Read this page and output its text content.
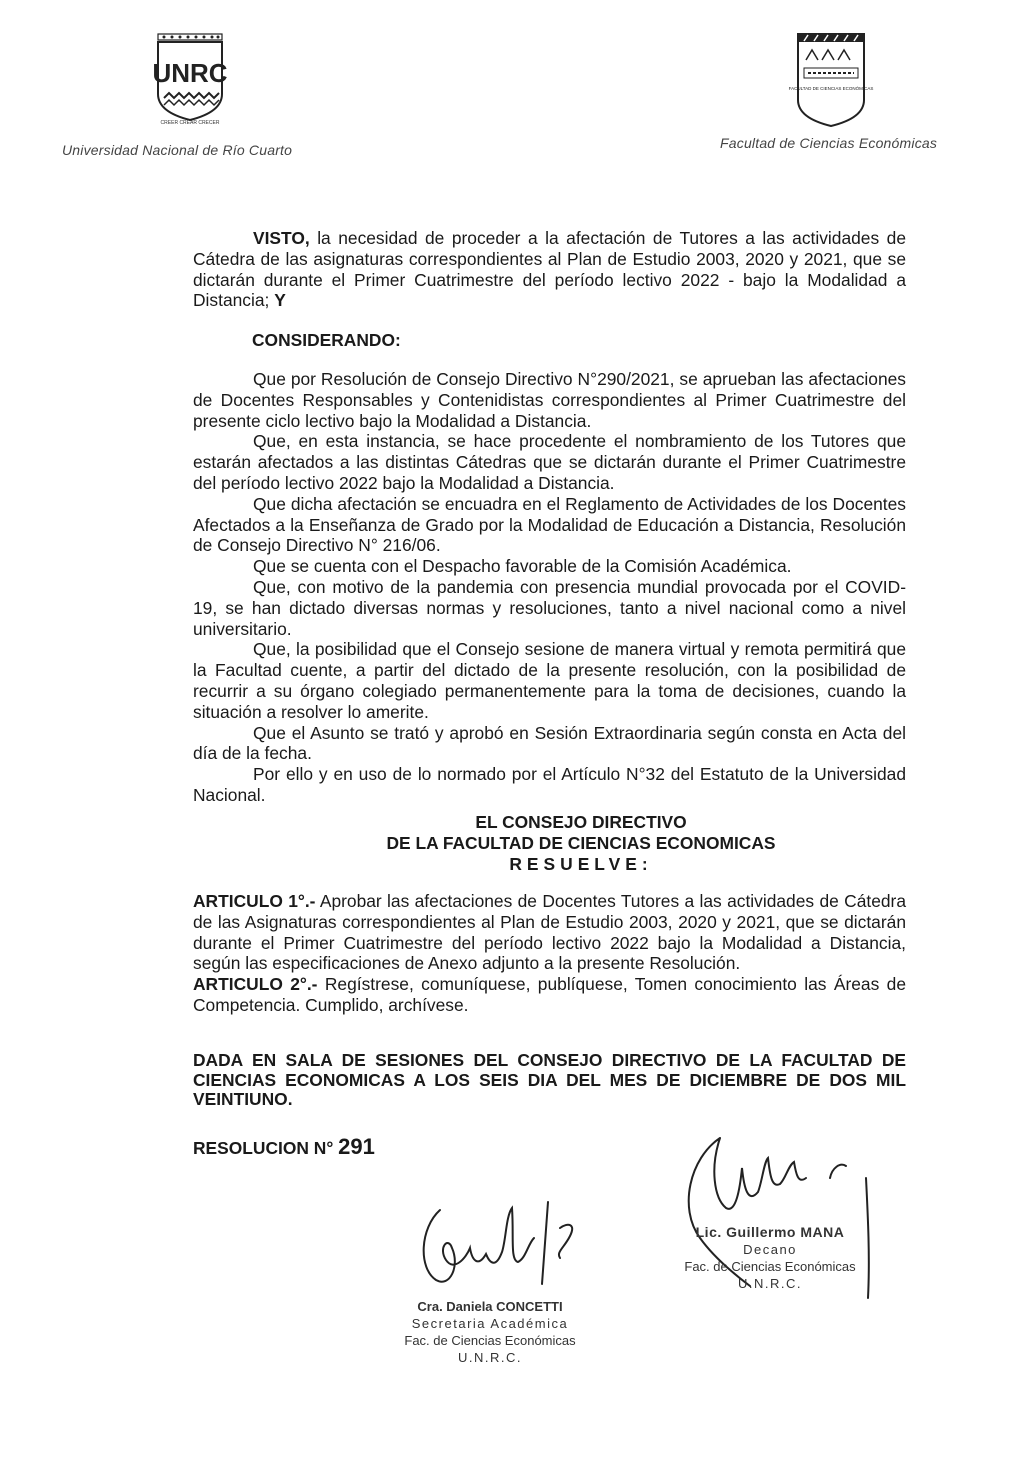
UNRC
CREER CREAR CRECER
Universidad Nacional de Río Cuarto
FACULTAD DE CIENCIAS ECONÓMICAS
Facultad de Ciencias Económicas

VISTO, la necesidad de proceder a la afectación de Tutores a las actividades de Cátedra de las asignaturas correspondientes al Plan de Estudio 2003, 2020 y 2021, que se dictarán durante el Primer Cuatrimestre del período lectivo 2022 - bajo la Modalidad a Distancia; Y

CONSIDERANDO:

Que por Resolución de Consejo Directivo N°290/2021, se aprueban las afectaciones de Docentes Responsables y Contenidistas correspondientes al Primer Cuatrimestre del presente ciclo lectivo bajo la Modalidad a Distancia.

Que, en esta instancia, se hace procedente el nombramiento de los Tutores que estarán afectados a las distintas Cátedras que se dictarán durante el Primer Cuatrimestre del período lectivo 2022 bajo la Modalidad a Distancia.

Que dicha afectación se encuadra en el Reglamento de Actividades de los Docentes Afectados a la Enseñanza de Grado por la Modalidad de Educación a Distancia, Resolución de Consejo Directivo N° 216/06.

Que se cuenta con el Despacho favorable de la Comisión Académica.

Que, con motivo de la pandemia con presencia mundial provocada por el COVID-19, se han dictado diversas normas y resoluciones, tanto a nivel nacional como a nivel universitario.

Que, la posibilidad que el Consejo sesione de manera virtual y remota permitirá que la Facultad cuente, a partir del dictado de la presente resolución, con la posibilidad de recurrir a su órgano colegiado permanentemente para la toma de decisiones, cuando la situación a resolver lo amerite.

Que el Asunto se trató y aprobó en Sesión Extraordinaria según consta en Acta del día de la fecha.

Por ello y en uso de lo normado por el Artículo N°32 del Estatuto de la Universidad Nacional.

EL CONSEJO DIRECTIVO
DE LA FACULTAD DE CIENCIAS ECONOMICAS
RESUELVE:

ARTICULO 1°.- Aprobar las afectaciones de Docentes Tutores a las actividades de Cátedra de las Asignaturas correspondientes al Plan de Estudio 2003, 2020 y 2021, que se dictarán durante el Primer Cuatrimestre del período lectivo 2022 bajo la Modalidad a Distancia, según las especificaciones de Anexo adjunto a la presente Resolución.

ARTICULO 2°.- Regístrese, comuníquese, publíquese, Tomen conocimiento las Áreas de Competencia. Cumplido, archívese.

DADA EN SALA DE SESIONES DEL CONSEJO DIRECTIVO DE LA FACULTAD DE CIENCIAS ECONOMICAS A LOS SEIS DIA DEL MES DE DICIEMBRE DE DOS MIL VEINTIUNO.
RESOLUCION N° 291
Cra. Daniela CONCETTI
Secretaria Académica
Fac. de Ciencias Económicas
U.N.R.C.
Lic. Guillermo MANA
Decano
Fac. de Ciencias Económicas
U.N.R.C.
